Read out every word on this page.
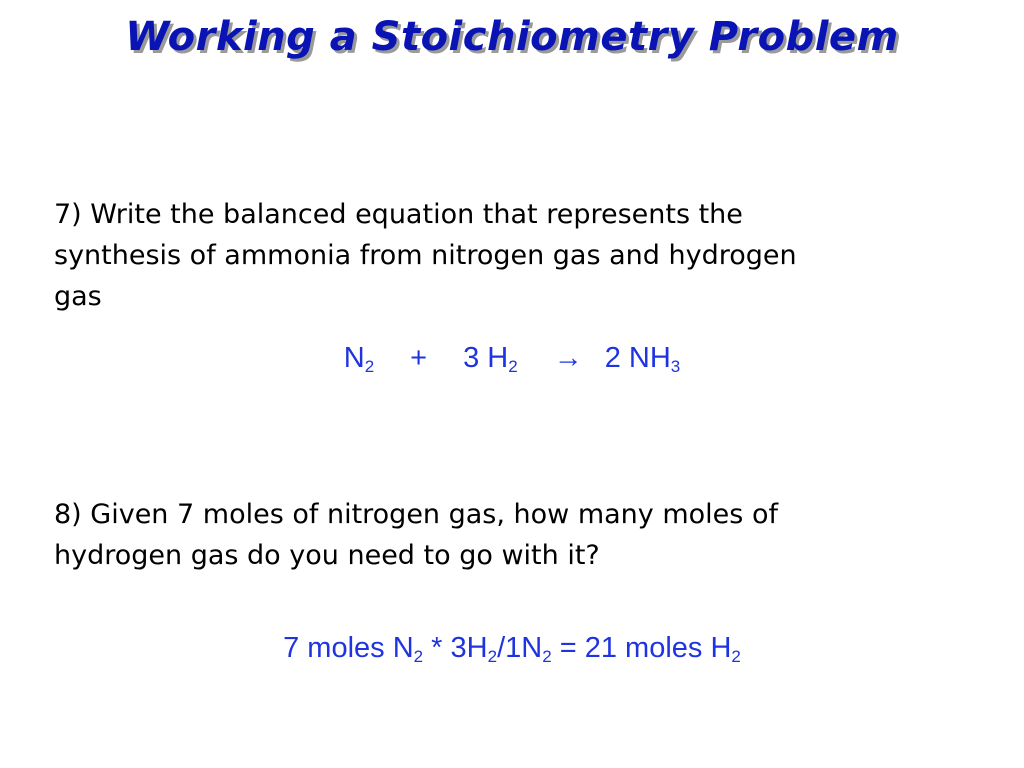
Working a Stoichiometry Problem
7) Write the balanced equation that represents the
synthesis of ammonia from nitrogen gas and hydrogen
gas
$N_2 + 3$ $H_2 \to 2$ $NH_3$
8) Given 7 moles of nitrogen gas, how many moles of
hydrogen gas do you need to go with it?
7 moles $N_2 * 3H_2/1N_2 = 21$ moles $H_2$
